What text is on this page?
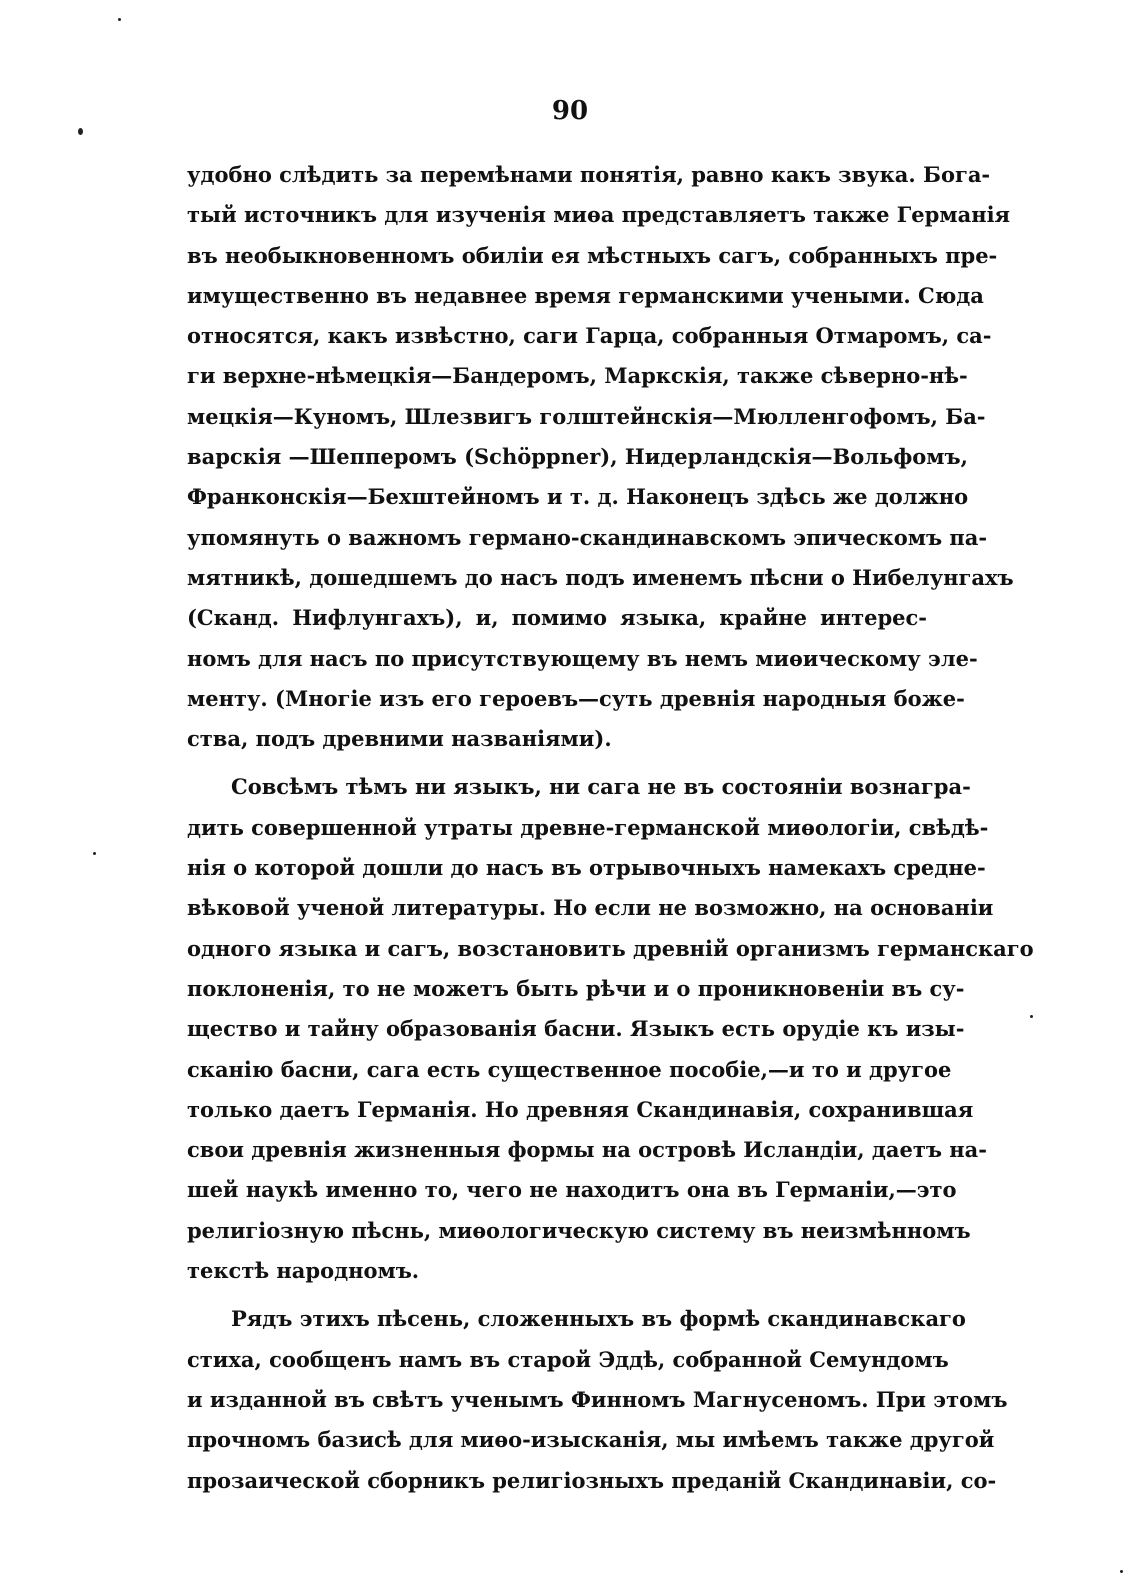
90
удобно слѣдить за перемѣнами понятія, равно какъ звука. Бога-
тый источникъ для изученія миѳа представляетъ также Германія
въ необыкновенномъ обиліи ея мѣстныхъ сагъ, собранныхъ пре-
имущественно въ недавнее время германскими учеными. Сюда
относятся, какъ извѣстно, саги Гарца, собранныя Отмаромъ, са-
ги верхне-нѣмецкія—Бандеромъ, Маркскія, также сѣверно-нѣ-
мецкія—Куномъ, Шлезвигъ голштейнскія—Мюлленгофомъ, Ба-
варскія —Шеппеpомъ (Schöppner), Нидерландскія—Вольфомъ,
Франконскія—Бехштейномъ и т. д. Наконецъ здѣсь же должно
упомянуть о важномъ германо-скандинавскомъ эпическомъ па-
мятникѣ, дошедшемъ до насъ подъ именемъ пѣсни о Нибелунгахъ
(Сканд. Нифлунгахъ), и, помимо языка, крайне интерес-
номъ для насъ по присутствующему въ немъ миѳическому эле-
менту. (Многіе изъ его героевъ—суть древнія народныя боже-
ства, подъ древними названіями).
Совсѣмъ тѣмъ ни языкъ, ни сага не въ состояніи вознагра-
дить совершенной утраты древне-германской миѳологіи, свѣдѣ-
нія о которой дошли до насъ въ отрывочныхъ намекахъ средне-
вѣковой ученой литературы. Но если не возможно, на основаніи
одного языка и сагъ, возстановить древній организмъ германскаго
поклоненія, то не можетъ быть рѣчи и о проникновеніи въ су-
щество и тайну образованія басни. Языкъ есть орудіе къ изы-
сканію басни, сага есть существенное пособіе,—и то и другое
только даетъ Германія. Но древняя Скандинавія, сохранившая
свои древнія жизненныя формы на островѣ Исландіи, даетъ на-
шей наукѣ именно то, чего не находитъ она въ Германіи,—это
религіозную пѣснь, миѳологическую систему въ неизмѣнномъ
текстѣ народномъ.
Рядъ этихъ пѣсень, сложенныхъ въ формѣ скандинавскаго
стиха, сообщенъ намъ въ старой Эддѣ, собранной Семундомъ
и изданной въ свѣтъ ученымъ Финномъ Магнусеномъ. При этомъ
прочномъ базисѣ для миѳо-изысканія, мы имѣемъ также другой
прозаической сборникъ религіозныхъ преданій Скандинавіи, со-
